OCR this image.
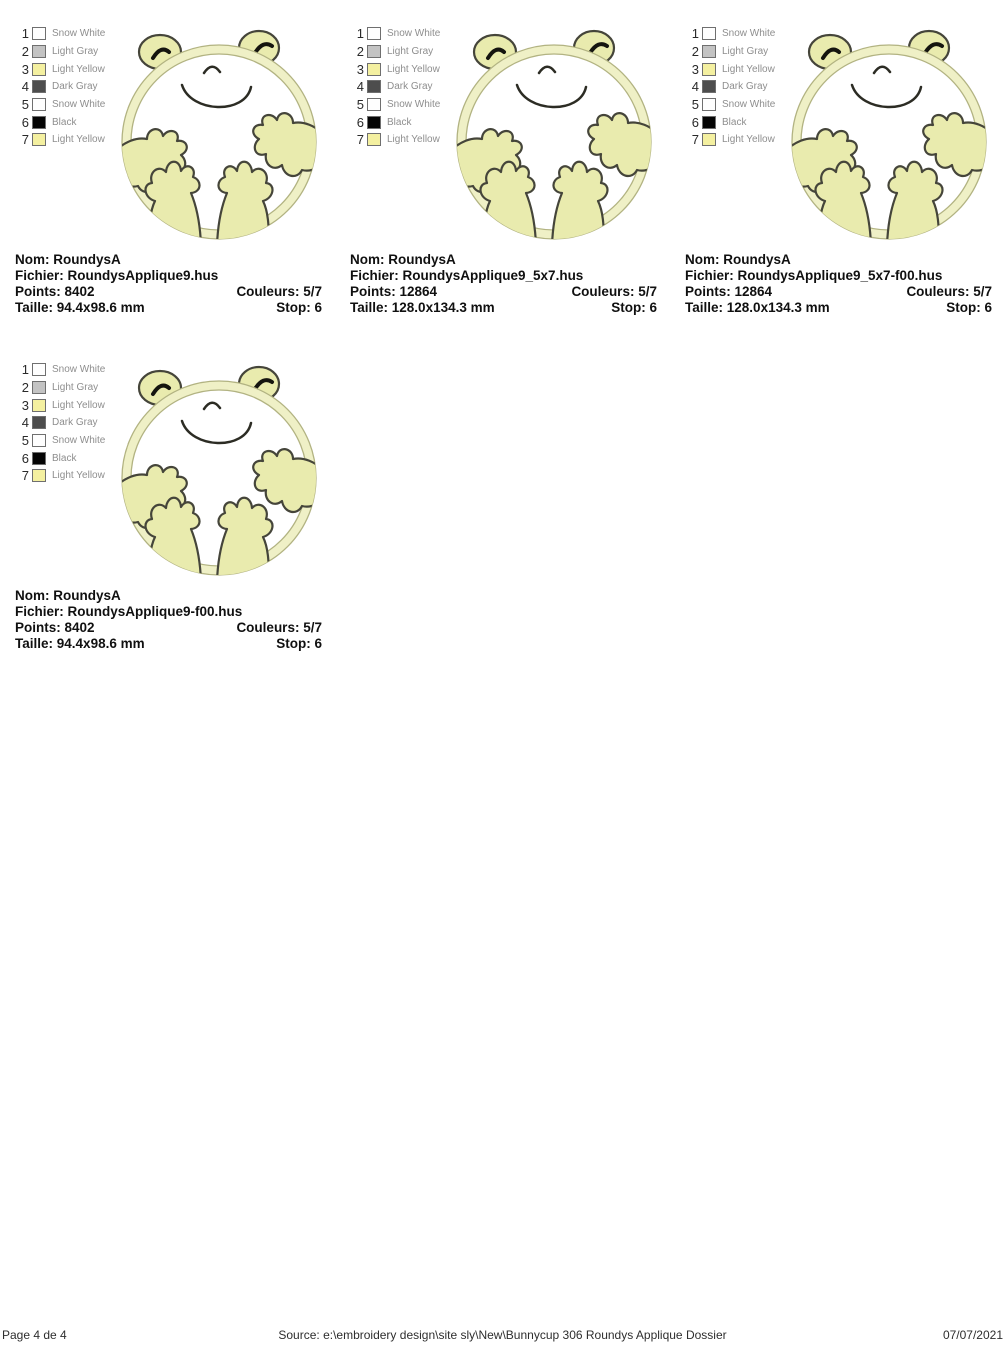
1 Snow White
2 Light Gray
3 Light Yellow
4 Dark Gray
5 Snow White
6 Black
7 Light Yellow
Nom: RoundysA
Fichier: RoundysApplique9.hus
Points: 8402	Couleurs: 5/7
Taille: 94.4x98.6 mm	Stop: 6
1 Snow White
2 Light Gray
3 Light Yellow
4 Dark Gray
5 Snow White
6 Black
7 Light Yellow
Nom: RoundysA
Fichier: RoundysApplique9_5x7.hus
Points: 12864	Couleurs: 5/7
Taille: 128.0x134.3 mm	Stop: 6
1 Snow White
2 Light Gray
3 Light Yellow
4 Dark Gray
5 Snow White
6 Black
7 Light Yellow
Nom: RoundysA
Fichier: RoundysApplique9_5x7-f00.hus
Points: 12864	Couleurs: 5/7
Taille: 128.0x134.3 mm	Stop: 6
1 Snow White
2 Light Gray
3 Light Yellow
4 Dark Gray
5 Snow White
6 Black
7 Light Yellow
Nom: RoundysA
Fichier: RoundysApplique9-f00.hus
Points: 8402	Couleurs: 5/7
Taille: 94.4x98.6 mm	Stop: 6
Page 4 de 4	Source: e:\embroidery design\site sly\New\Bunnycup 306 Roundys Applique Dossier	07/07/2021
